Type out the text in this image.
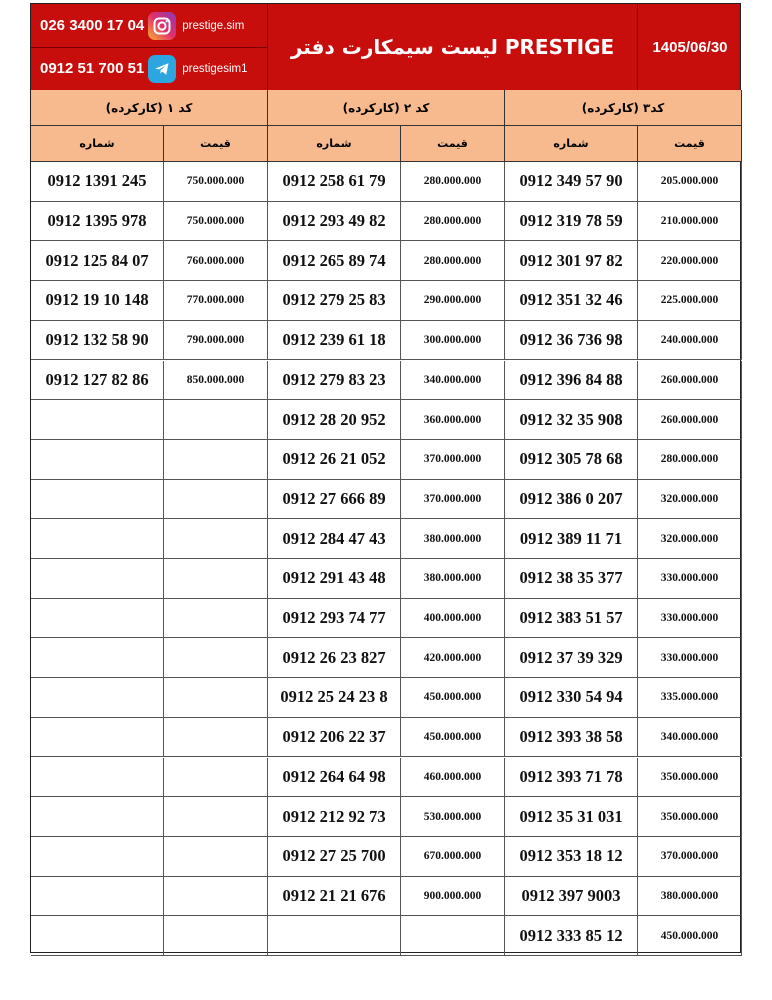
026 3400 17 04	prestige.sim
0912 51 700 51	prestigesim1
PRESTIGE لیست سیمکارت دفتر	1405/06/30
کد ۱ (کارکرده)
شماره	قیمت
0912 1391 245	750.000.000
0912 1395 978	750.000.000
0912 125 84 07	760.000.000
0912 19 10 148	770.000.000
0912 132 58 90	790.000.000
0912 127 82 86	850.000.000
کد ۲ (کارکرده)
شماره	قیمت
0912 258 61 79	280.000.000
0912 293 49 82	280.000.000
0912 265 89 74	280.000.000
0912 279 25 83	290.000.000
0912 239 61 18	300.000.000
0912 279 83 23	340.000.000
0912 28 20 952	360.000.000
0912 26 21 052	370.000.000
0912 27 666 89	370.000.000
0912 284 47 43	380.000.000
0912 291 43 48	380.000.000
0912 293 74 77	400.000.000
0912 26 23 827	420.000.000
0912 25 24 23 8	450.000.000
0912 206 22 37	450.000.000
0912 264 64 98	460.000.000
0912 212 92 73	530.000.000
0912 27 25 700	670.000.000
0912 21 21 676	900.000.000
کد۳ (کارکرده)
شماره	قیمت
0912 349 57 90	205.000.000
0912 319 78 59	210.000.000
0912 301 97 82	220.000.000
0912 351 32 46	225.000.000
0912 36 736 98	240.000.000
0912 396 84 88	260.000.000
0912 32 35 908	260.000.000
0912 305 78 68	280.000.000
0912 386 0 207	320.000.000
0912 389 11 71	320.000.000
0912 38 35 377	330.000.000
0912 383 51 57	330.000.000
0912 37 39 329	330.000.000
0912 330 54 94	335.000.000
0912 393 38 58	340.000.000
0912 393 71 78	350.000.000
0912 35 31 031	350.000.000
0912 353 18 12	370.000.000
0912 397 9003	380.000.000
0912 333 85 12	450.000.000
